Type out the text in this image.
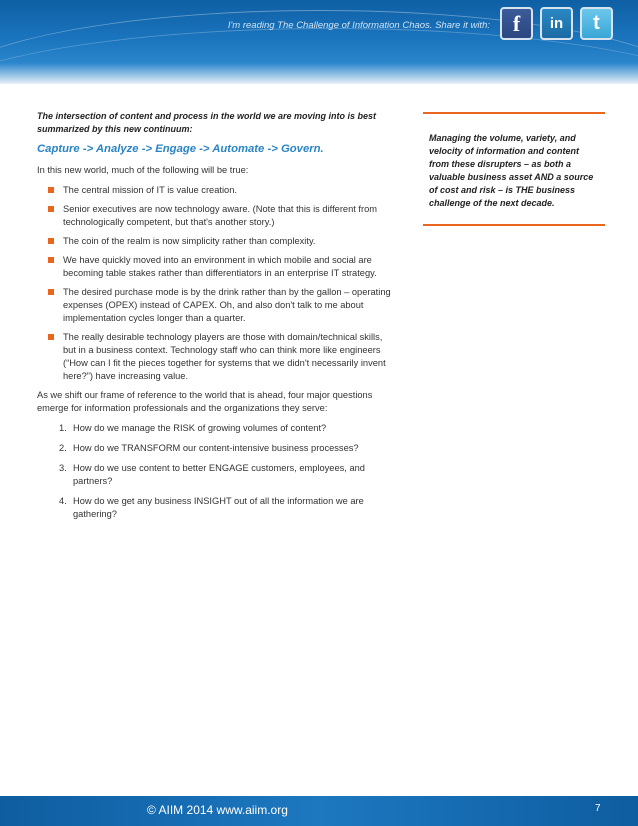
I'm reading The Challenge of Information Chaos. Share it with:	f	in	t

The intersection of content and process in the world we are moving into is best summarized by this new continuum:

Capture -> Analyze -> Engage -> Automate -> Govern.

In this new world, much of the following will be true:

The central mission of IT is value creation.
Senior executives are now technology aware. (Note that this is different from technologically competent, but that's another story.)
The coin of the realm is now simplicity rather than complexity.
We have quickly moved into an environment in which mobile and social are becoming table stakes rather than differentiators in an enterprise IT strategy.
The desired purchase mode is by the drink rather than by the gallon – operating expenses (OPEX) instead of CAPEX. Oh, and also don't talk to me about implementation cycles longer than a quarter.
The really desirable technology players are those with domain/technical skills, but in a business context. Technology staff who can think more like engineers (“How can I fit the pieces together for systems that we didn't necessarily invent here?”) have increasing value.

As we shift our frame of reference to the world that is ahead, four major questions emerge for information professionals and the organizations they serve:

1. How do we manage the RISK of growing volumes of content?
2. How do we TRANSFORM our content-intensive business processes?
3. How do we use content to better ENGAGE customers, employees, and partners?
4. How do we get any business INSIGHT out of all the information we are gathering?

Managing the volume, variety, and velocity of information and content from these disrupters – as both a valuable business asset AND a source of cost and risk – is THE business challenge of the next decade.

© AIIM 2014 www.aiim.org	7
